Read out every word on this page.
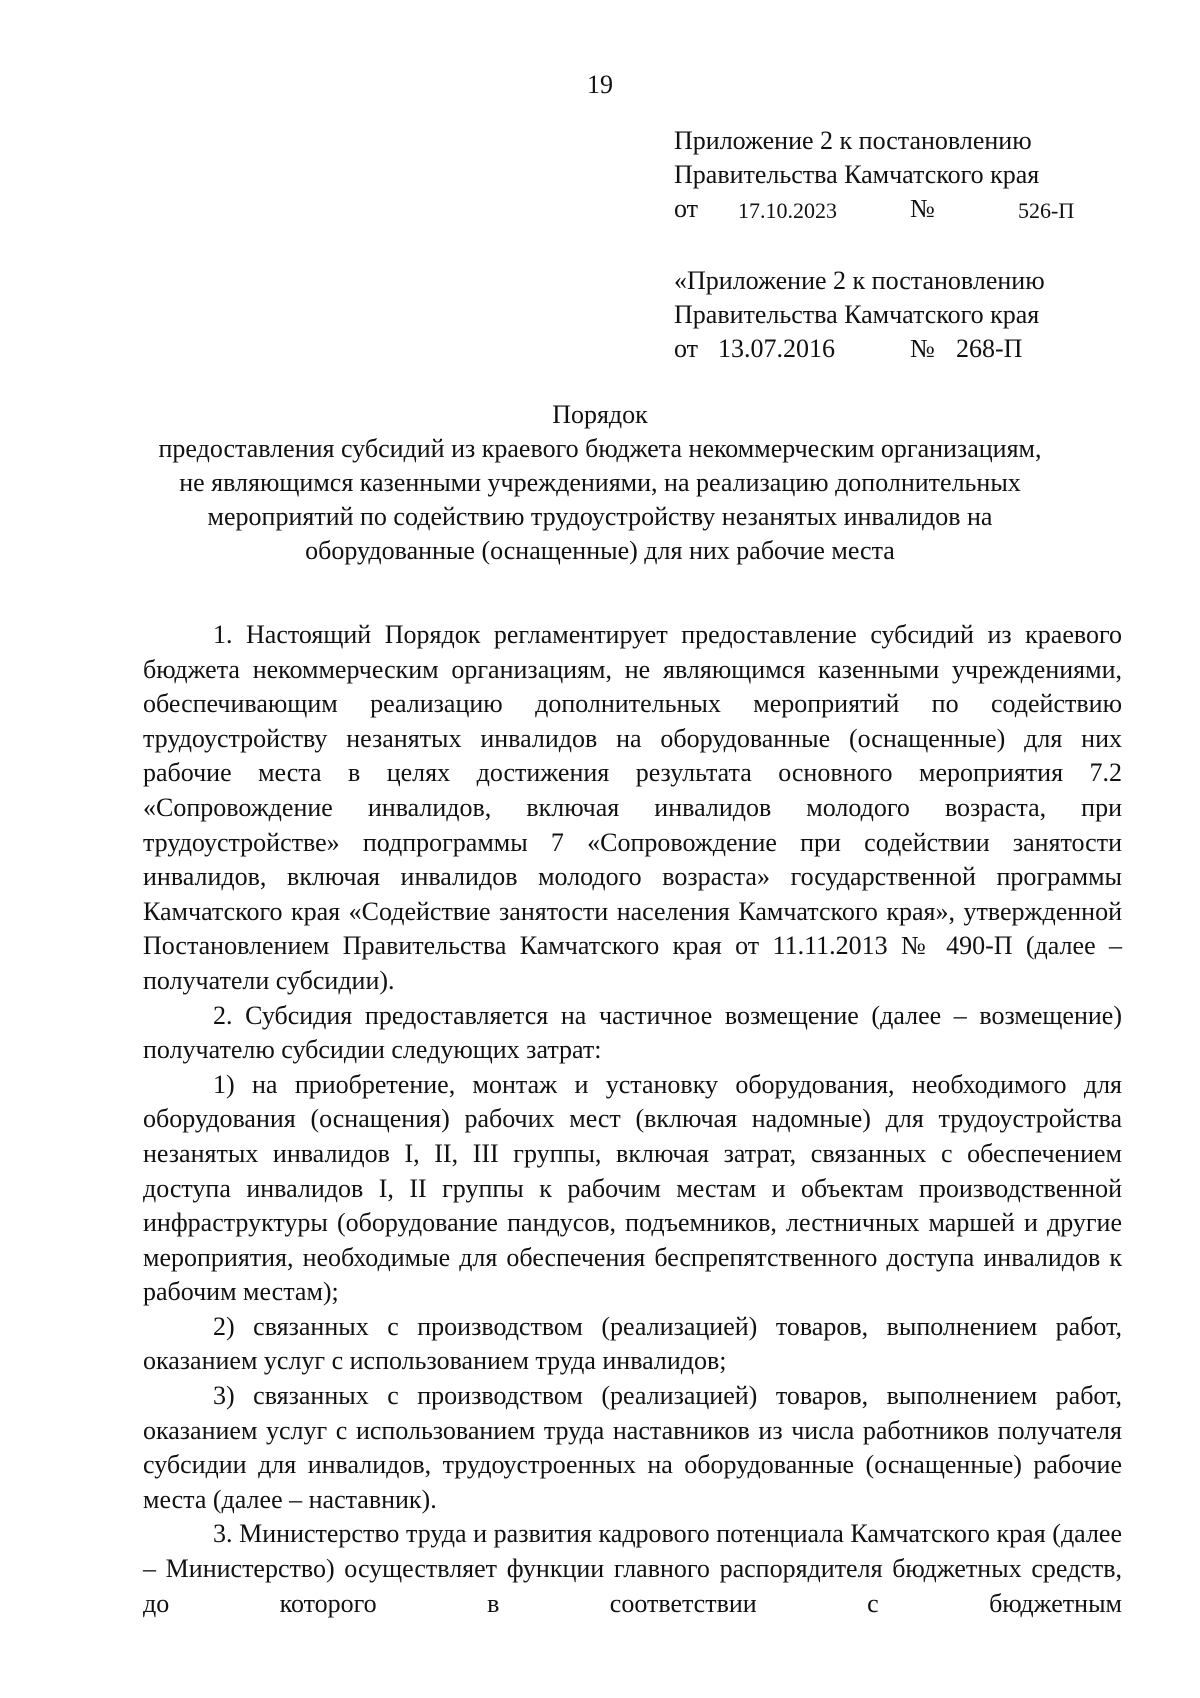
19
Приложение 2 к постановлению
Правительства Камчатского края
от 17.10.2023	№	526-П
«Приложение 2 к постановлению
Правительства Камчатского края
от 13.07.2016	№ 268-П
Порядок
предоставления субсидий из краевого бюджета некоммерческим организациям,
не являющимся казенными учреждениями, на реализацию дополнительных
мероприятий по содействию трудоустройству незанятых инвалидов на
оборудованные (оснащенные) для них рабочие места

1. Настоящий Порядок регламентирует предоставление субсидий из краевого бюджета некоммерческим организациям, не являющимся казенными учреждениями, обеспечивающим реализацию дополнительных мероприятий по содействию трудоустройству незанятых инвалидов на оборудованные (оснащенные) для них рабочие места в целях достижения результата основного мероприятия 7.2 «Сопровождение инвалидов, включая инвалидов молодого возраста, при трудоустройстве» подпрограммы 7 «Сопровождение при содействии занятости инвалидов, включая инвалидов молодого возраста» государственной программы Камчатского края «Содействие занятости населения Камчатского края», утвержденной Постановлением Правительства Камчатского края от 11.11.2013 № 490-П (далее – получатели субсидии).

2. Субсидия предоставляется на частичное возмещение (далее – возмещение) получателю субсидии следующих затрат:

1) на приобретение, монтаж и установку оборудования, необходимого для оборудования (оснащения) рабочих мест (включая надомные) для трудоустройства незанятых инвалидов I, II, III группы, включая затрат, связанных с обеспечением доступа инвалидов I, II группы к рабочим местам и объектам производственной инфраструктуры (оборудование пандусов, подъемников, лестничных маршей и другие мероприятия, необходимые для обеспечения беспрепятственного доступа инвалидов к рабочим местам);

2) связанных с производством (реализацией) товаров, выполнением работ, оказанием услуг с использованием труда инвалидов;

3) связанных с производством (реализацией) товаров, выполнением работ, оказанием услуг с использованием труда наставников из числа работников получателя субсидии для инвалидов, трудоустроенных на оборудованные (оснащенные) рабочие места (далее – наставник).

3. Министерство труда и развития кадрового потенциала Камчатского края (далее – Министерство) осуществляет функции главного распорядителя бюджетных средств, до которого в соответствии с бюджетным
